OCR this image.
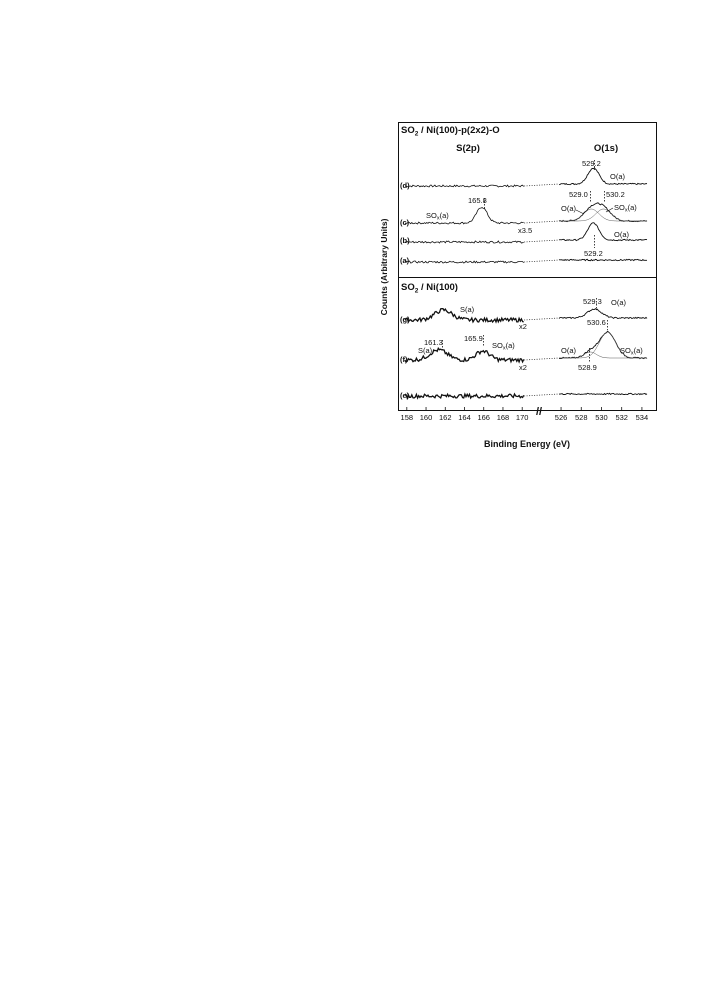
$SO_2 / Ni(100)-p(2x2)-O$
S(2p)	O(1s)
$SO_2 / Ni(100)$
(d)
(c)
(b)
(a)
(g)
(f)
(e)
529.2
O(a)
165.8
$SO_x(a)$
x3.5
529.0 530.2
O(a)	$SO_x(a)$
O(a)
529.2
S(a)
x2
529.3 O(a)
161.3
S(a)
165.9
$SO_x(a)$
x2
530.6
O(a)	$SO_x(a)$
528.9
//
158 160 162 164 166 168 170	526 528 530 532 534
Counts (Arbitrary Units)
Binding Energy (eV)
